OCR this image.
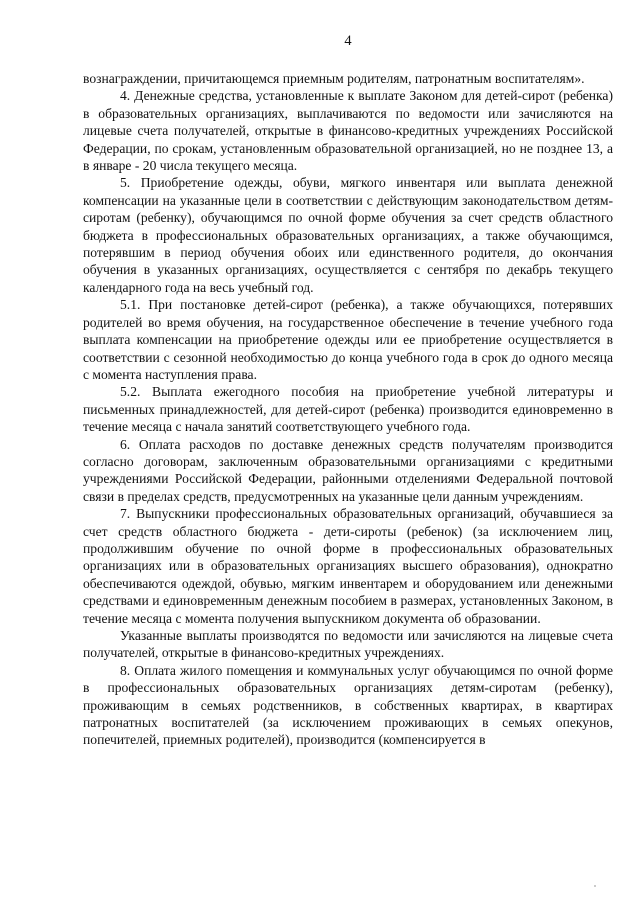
4

вознаграждении, причитающемся приемным родителям, патронатным воспитателям».

4. Денежные средства, установленные к выплате Законом для детей-сирот (ребенка) в образовательных организациях, выплачиваются по ведомости или зачисляются на лицевые счета получателей, открытые в финансово-кредитных учреждениях Российской Федерации, по срокам, установленным образовательной организацией, но не позднее 13, а в январе - 20 числа текущего месяца.

5. Приобретение одежды, обуви, мягкого инвентаря или выплата денежной компенсации на указанные цели в соответствии с действующим законодательством детям-сиротам (ребенку), обучающимся по очной форме обучения за счет средств областного бюджета в профессиональных образовательных организациях, а также обучающимся, потерявшим в период обучения обоих или единственного родителя, до окончания обучения в указанных организациях, осуществляется с сентября по декабрь текущего календарного года на весь учебный год.

5.1. При постановке детей-сирот (ребенка), а также обучающихся, потерявших родителей во время обучения, на государственное обеспечение в течение учебного года выплата компенсации на приобретение одежды или ее приобретение осуществляется в соответствии с сезонной необходимостью до конца учебного года в срок до одного месяца с момента наступления права.

5.2. Выплата ежегодного пособия на приобретение учебной литературы и письменных принадлежностей, для детей-сирот (ребенка) производится единовременно в течение месяца с начала занятий соответствующего учебного года.

6. Оплата расходов по доставке денежных средств получателям производится согласно договорам, заключенным образовательными организациями с кредитными учреждениями Российской Федерации, районными отделениями Федеральной почтовой связи в пределах средств, предусмотренных на указанные цели данным учреждениям.

7. Выпускники профессиональных образовательных организаций, обучавшиеся за счет средств областного бюджета - дети-сироты (ребенок) (за исключением лиц, продолжившим обучение по очной форме в профессиональных образовательных организациях или в образовательных организациях высшего образования), однократно обеспечиваются одеждой, обувью, мягким инвентарем и оборудованием или денежными средствами и единовременным денежным пособием в размерах, установленных Законом, в течение месяца с момента получения выпускником документа об образовании.

Указанные выплаты производятся по ведомости или зачисляются на лицевые счета получателей, открытые в финансово-кредитных учреждениях.

8. Оплата жилого помещения и коммунальных услуг обучающимся по очной форме в профессиональных образовательных организациях детям-сиротам (ребенку), проживающим в семьях родственников, в собственных квартирах, в квартирах патронатных воспитателей (за исключением проживающих в семьях опекунов, попечителей, приемных родителей), производится (компенсируется в
